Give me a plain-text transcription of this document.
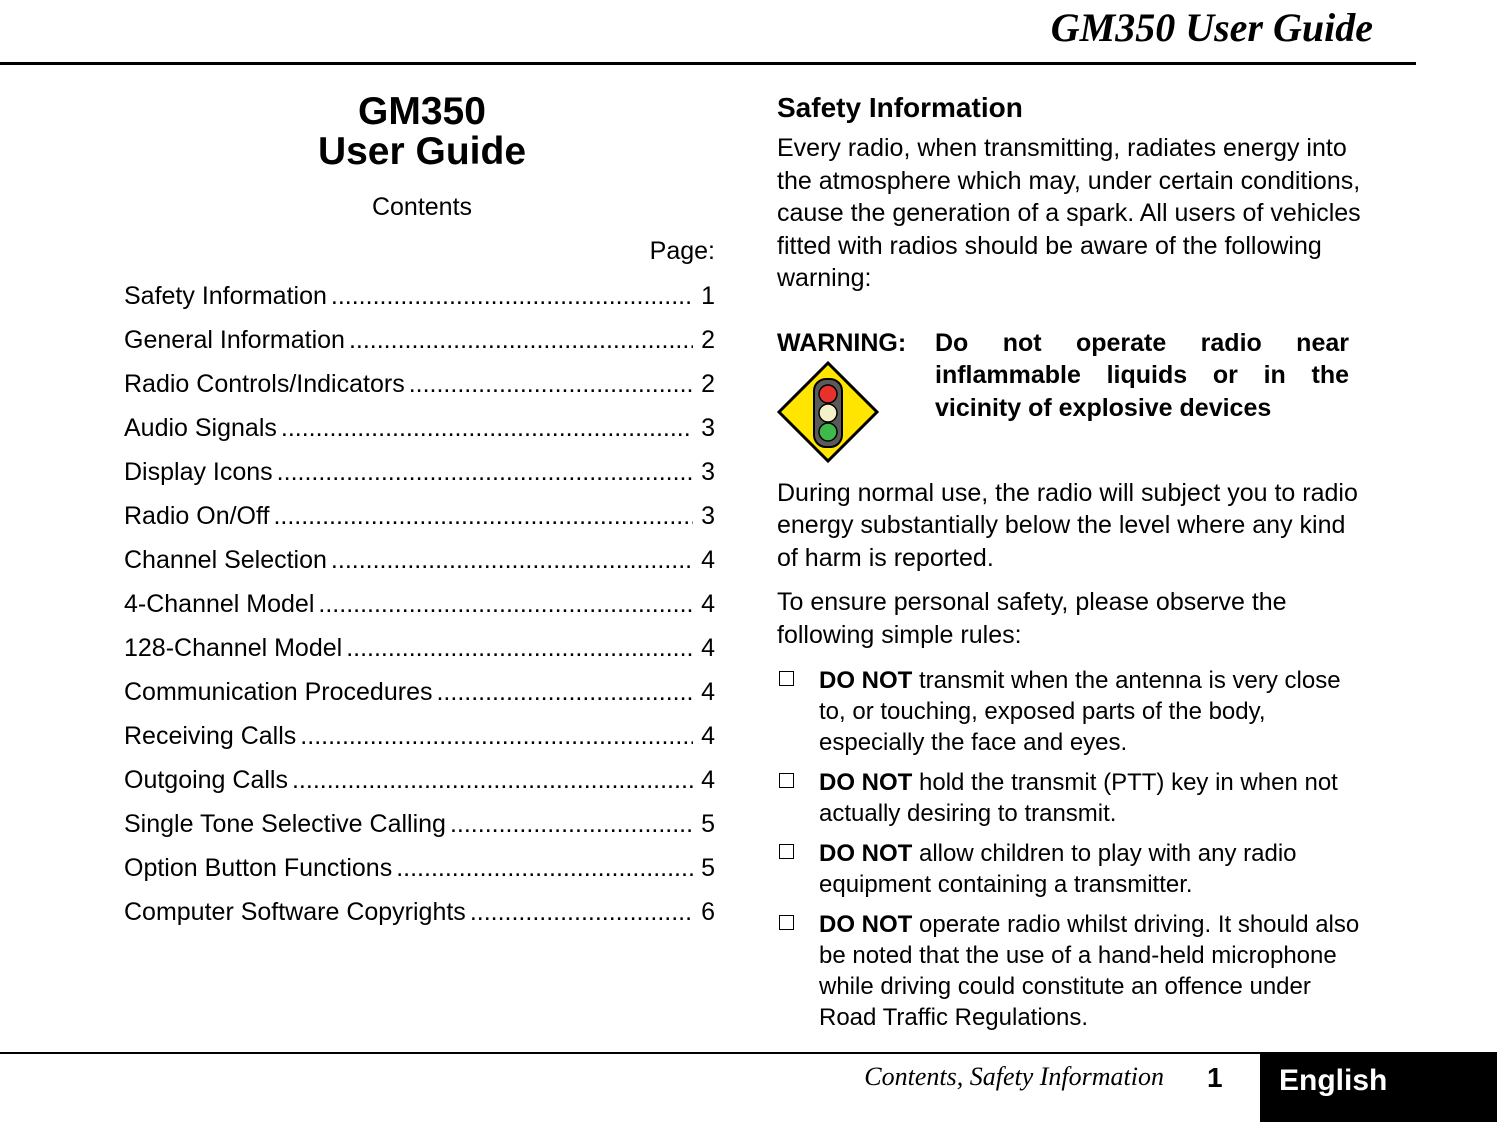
GM350 User Guide
GM350
User Guide
Contents
Page:
Safety Information .....	1
General Information .....	2
Radio Controls/Indicators .....	2
Audio Signals .....	3
Display Icons .....	3
Radio On/Off .....	3
Channel Selection .....	4
4-Channel Model .....	4
128-Channel Model .....	4
Communication Procedures .....	4
Receiving Calls .....	4
Outgoing Calls .....	4
Single Tone Selective Calling .....	5
Option Button Functions .....	5
Computer Software Copyrights .....	6
Safety Information

Every radio, when transmitting, radiates energy into the atmosphere which may, under certain conditions, cause the generation of a spark. All users of vehicles fitted with radios should be aware of the following warning:

WARNING: Do not operate radio near inflammable liquids or in the vicinity of explosive devices

During normal use, the radio will subject you to radio energy substantially below the level where any kind of harm is reported.

To ensure personal safety, please observe the following simple rules:

DO NOT transmit when the antenna is very close to, or touching, exposed parts of the body, especially the face and eyes.
DO NOT hold the transmit (PTT) key in when not actually desiring to transmit.
DO NOT allow children to play with any radio equipment containing a transmitter.
DO NOT operate radio whilst driving. It should also be noted that the use of a hand-held microphone while driving could constitute an offence under Road Traffic Regulations.
Contents, Safety Information 1	English
